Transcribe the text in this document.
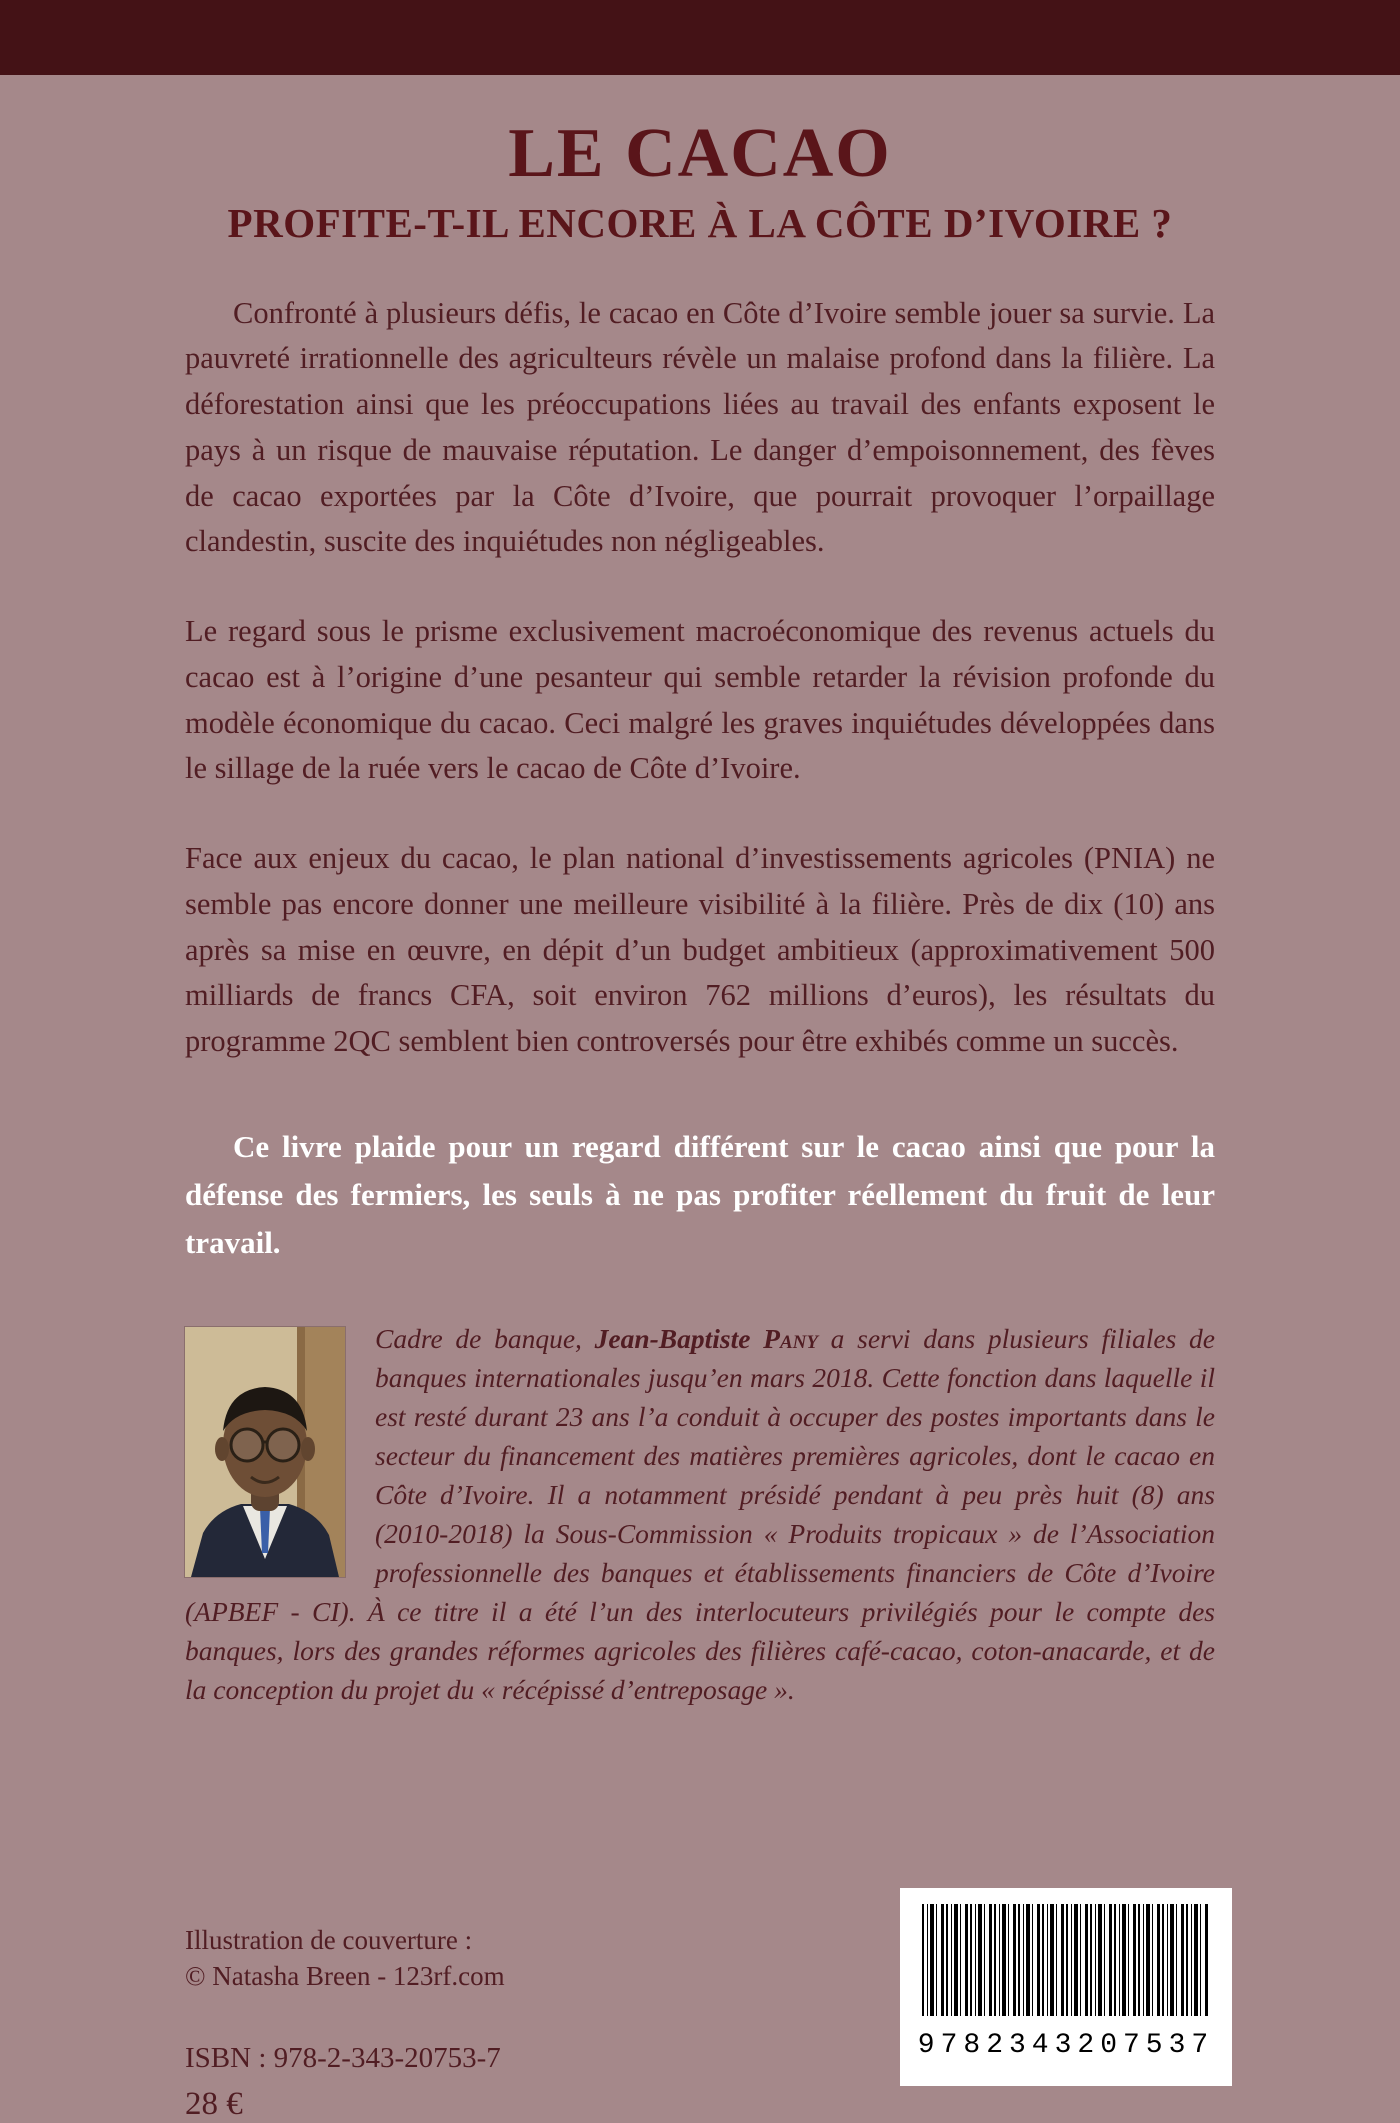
LE CACAO
PROFITE-T-IL ENCORE À LA CÔTE D’IVOIRE ?

Confronté à plusieurs défis, le cacao en Côte d’Ivoire semble jouer sa survie. La pauvreté irrationnelle des agriculteurs révèle un malaise profond dans la filière. La déforestation ainsi que les préoccupations liées au travail des enfants exposent le pays à un risque de mauvaise réputation. Le danger d’empoisonnement, des fèves de cacao exportées par la Côte d’Ivoire, que pourrait provoquer l’orpaillage clandestin, suscite des inquiétudes non négligeables.

Le regard sous le prisme exclusivement macroéconomique des revenus actuels du cacao est à l’origine d’une pesanteur qui semble retarder la révision profonde du modèle économique du cacao. Ceci malgré les graves inquiétudes développées dans le sillage de la ruée vers le cacao de Côte d’Ivoire.

Face aux enjeux du cacao, le plan national d’investissements agricoles (PNIA) ne semble pas encore donner une meilleure visibilité à la filière. Près de dix (10) ans après sa mise en œuvre, en dépit d’un budget ambitieux (approximativement 500 milliards de francs CFA, soit environ 762 millions d’euros), les résultats du programme 2QC semblent bien controversés pour être exhibés comme un succès.

Ce livre plaide pour un regard différent sur le cacao ainsi que pour la défense des fermiers, les seuls à ne pas profiter réellement du fruit de leur travail.

Cadre de banque, Jean-Baptiste Pany a servi dans plusieurs filiales de banques internationales jusqu’en mars 2018. Cette fonction dans laquelle il est resté durant 23 ans l’a conduit à occuper des postes importants dans le secteur du financement des matières premières agricoles, dont le cacao en Côte d’Ivoire. Il a notamment présidé pendant à peu près huit (8) ans (2010-2018) la Sous-Commission « Produits tropicaux » de l’Association professionnelle des banques et établissements financiers de Côte d’Ivoire (APBEF - CI). À ce titre il a été l’un des interlocuteurs privilégiés pour le compte des banques, lors des grandes réformes agricoles des filières café-cacao, coton-anacarde, et de la conception du projet du « récépissé d’entreposage ».

Illustration de couverture :
© Natasha Breen - 123rf.com
ISBN : 978-2-343-20753-7
28 €
9782343207537
